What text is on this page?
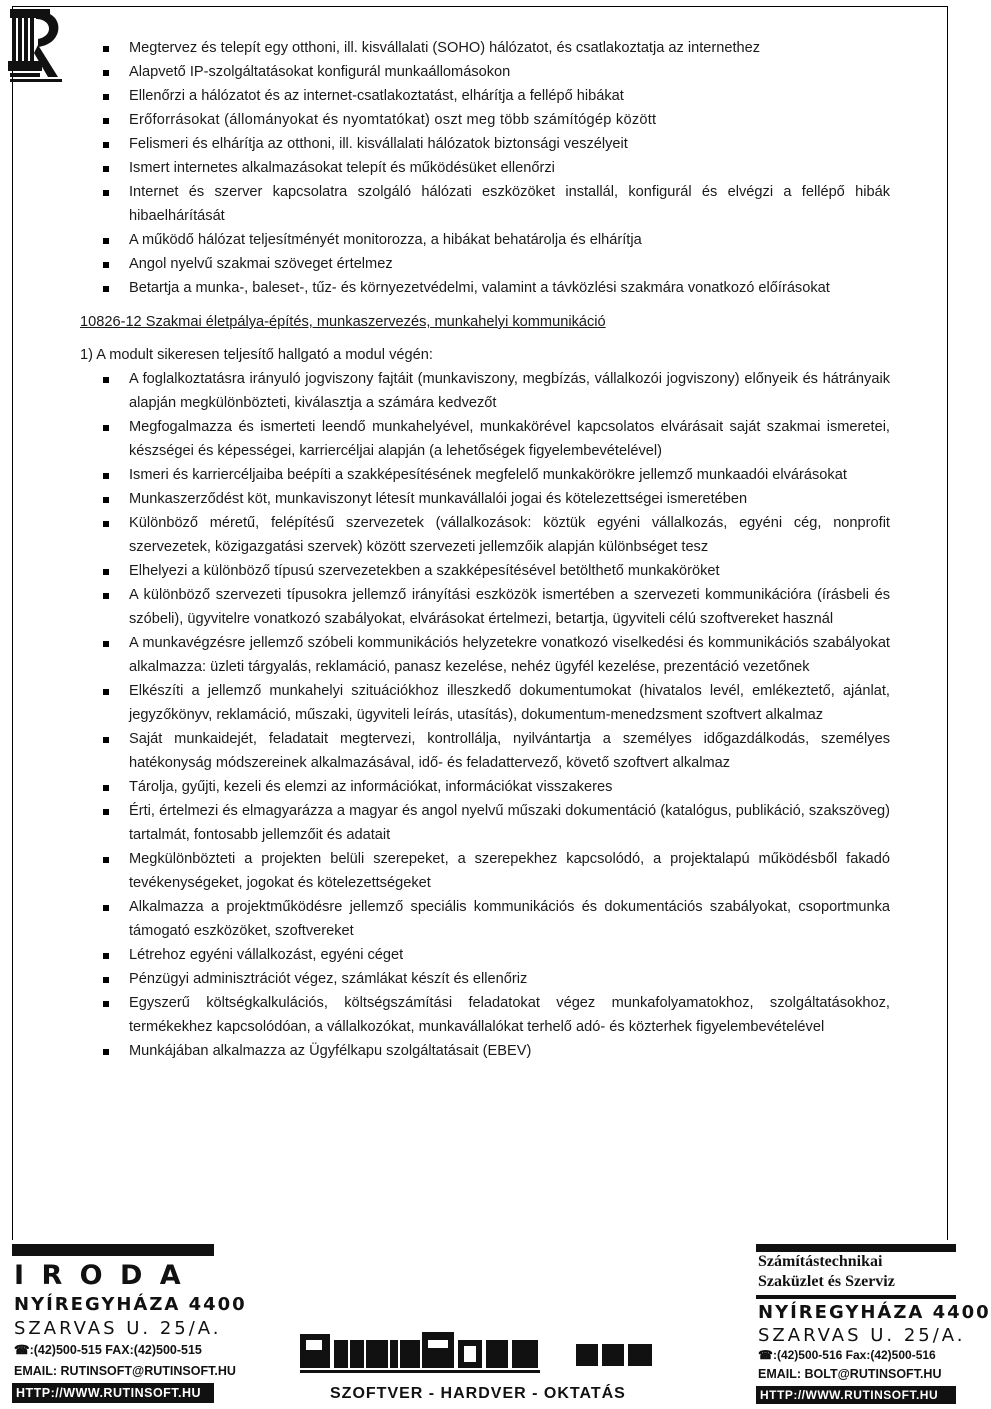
Megtervez és telepít egy otthoni, ill. kisvállalati (SOHO) hálózatot, és csatlakoztatja az internethez
Alapvető IP-szolgáltatásokat konfigurál munkaállomásokon
Ellenőrzi a hálózatot és az internet-csatlakoztatást, elhárítja a fellépő hibákat
Erőforrásokat (állományokat és nyomtatókat) oszt meg több számítógép között
Felismeri és elhárítja az otthoni, ill. kisvállalati hálózatok biztonsági veszélyeit
Ismert internetes alkalmazásokat telepít és működésüket ellenőrzi
Internet és szerver kapcsolatra szolgáló hálózati eszközöket installál, konfigurál és elvégzi a fellépő hibák hibaelhárítását
A működő hálózat teljesítményét monitorozza, a hibákat behatárolja és elhárítja
Angol nyelvű szakmai szöveget értelmez
Betartja a munka-, baleset-, tűz- és környezetvédelmi, valamint a távközlési szakmára vonatkozó előírásokat
10826-12 Szakmai életpálya-építés, munkaszervezés, munkahelyi kommunikáció
1) A modult sikeresen teljesítő hallgató a modul végén:
A foglalkoztatásra irányuló jogviszony fajtáit (munkaviszony, megbízás, vállalkozói jogviszony) előnyeik és hátrányaik alapján megkülönbözteti, kiválasztja a számára kedvezőt
Megfogalmazza és ismerteti leendő munkahelyével, munkakörével kapcsolatos elvárásait saját szakmai ismeretei, készségei és képességei, karriercéljai alapján (a lehetőségek figyelembevételével)
Ismeri és karriercéljaiba beépíti a szakképesítésének megfelelő munkakörökre jellemző munkaadói elvárásokat
Munkaszerződést köt, munkaviszonyt létesít munkavállalói jogai és kötelezettségei ismeretében
Különböző méretű, felépítésű szervezetek (vállalkozások: köztük egyéni vállalkozás, egyéni cég, nonprofit szervezetek, közigazgatási szervek) között szervezeti jellemzőik alapján különbséget tesz
Elhelyezi a különböző típusú szervezetekben a szakképesítésével betölthető munkaköröket
A különböző szervezeti típusokra jellemző irányítási eszközök ismertében a szervezeti kommunikációra (írásbeli és szóbeli), ügyvitelre vonatkozó szabályokat, elvárásokat értelmezi, betartja, ügyviteli célú szoftvereket használ
A munkavégzésre jellemző szóbeli kommunikációs helyzetekre vonatkozó viselkedési és kommunikációs szabályokat alkalmazza: üzleti tárgyalás, reklamáció, panasz kezelése, nehéz ügyfél kezelése, prezentáció vezetőnek
Elkészíti a jellemző munkahelyi szituációkhoz illeszkedő dokumentumokat (hivatalos levél, emlékeztető, ajánlat, jegyzőkönyv, reklamáció, műszaki, ügyviteli leírás, utasítás), dokumentum-menedzsment szoftvert alkalmaz
Saját munkaidejét, feladatait megtervezi, kontrollálja, nyilvántartja a személyes időgazdálkodás, személyes hatékonyság módszereinek alkalmazásával, idő- és feladattervező, követő szoftvert alkalmaz
Tárolja, gyűjti, kezeli és elemzi az információkat, információkat visszakeres
Érti, értelmezi és elmagyarázza a magyar és angol nyelvű műszaki dokumentáció (katalógus, publikáció, szakszöveg) tartalmát, fontosabb jellemzőit és adatait
Megkülönbözteti a projekten belüli szerepeket, a szerepekhez kapcsolódó, a projektalapú működésből fakadó tevékenységeket, jogokat és kötelezettségeket
Alkalmazza a projektműködésre jellemző speciális kommunikációs és dokumentációs szabályokat, csoportmunka támogató eszközöket, szoftvereket
Létrehoz egyéni vállalkozást, egyéni céget
Pénzügyi adminisztrációt végez, számlákat készít és ellenőriz
Egyszerű költségkalkulációs, költségszámítási feladatokat végez munkafolyamatokhoz, szolgáltatásokhoz, termékekhez kapcsolódóan, a vállalkozókat, munkavállalókat terhelő adó- és közterhek figyelembevételével
Munkájában alkalmazza az Ügyfélkapu szolgáltatásait (EBEV)
I R O D A
NYÍREGYHÁZA 4400
SZARVAS U. 25/A.
☎:(42)500-515 FAX:(42)500-515
EMAIL: RUTINSOFT@RUTINSOFT.HU
HTTP://WWW.RUTINSOFT.HU	SZOFTVER - HARDVER - OKTATÁS
Számítástechnikai
Szaküzlet és Szerviz
NYÍREGYHÁZA 4400
SZARVAS U. 25/A.
☎:(42)500-516 Fax:(42)500-516
EMAIL: BOLT@RUTINSOFT.HU
HTTP://WWW.RUTINSOFT.HU
